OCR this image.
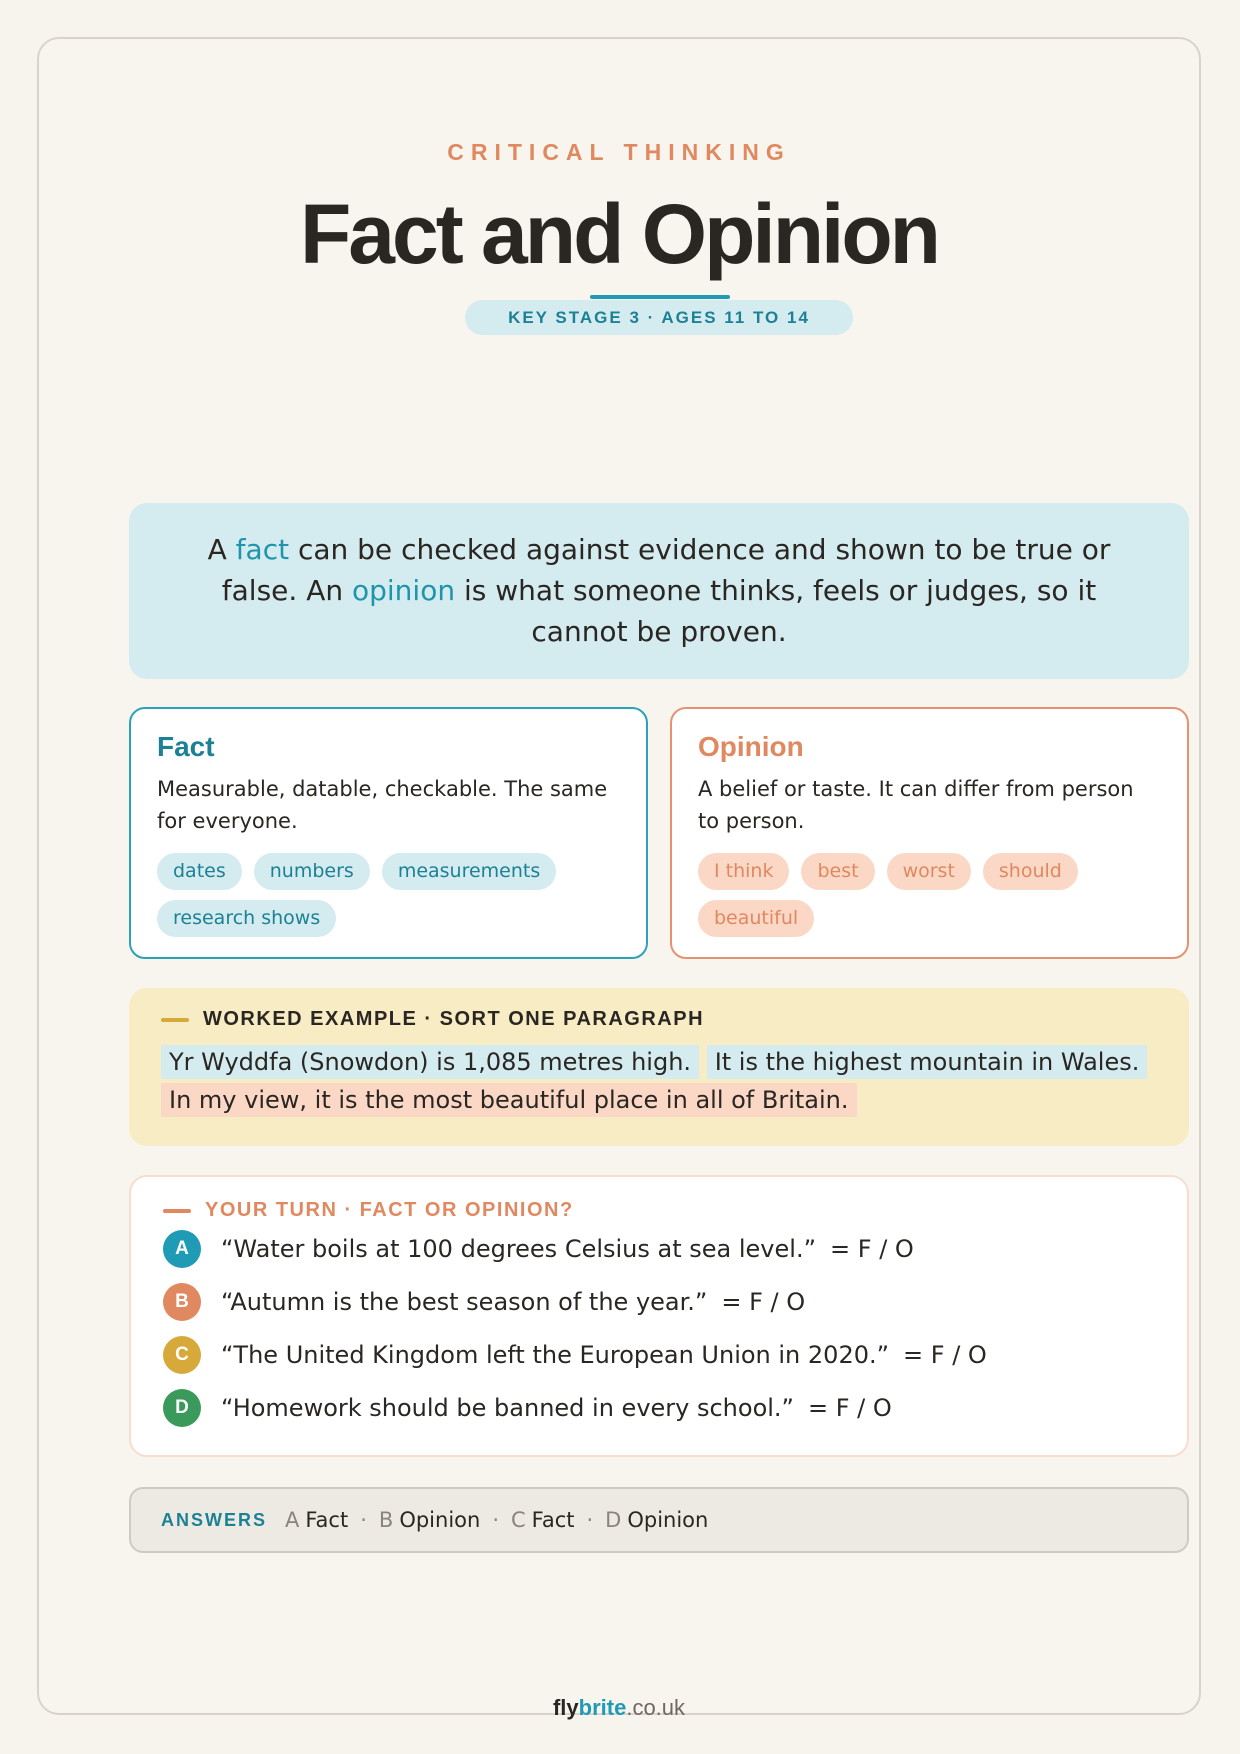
CRITICAL THINKING
Fact and Opinion
KEY STAGE 3 · AGES 11 TO 14
A fact can be checked against evidence and shown to be true or false. An opinion is what someone thinks, feels or judges, so it cannot be proven.
Fact

Measurable, datable, checkable. The same for everyone.

dates	numbers	measurements
research shows
Opinion

A belief or taste. It can differ from person to person.

I think	best	worst	should
beautiful
WORKED EXAMPLE · SORT ONE PARAGRAPH
Yr Wyddfa (Snowdon) is 1,085 metres high. It is the highest mountain in Wales. In my view, it is the most beautiful place in all of Britain.
YOUR TURN · FACT OR OPINION?
A	“Water boils at 100 degrees Celsius at sea level.” = F / O
B	“Autumn is the best season of the year.” = F / O
C	“The United Kingdom left the European Union in 2020.” = F / O
D	“Homework should be banned in every school.” = F / O
ANSWERS A Fact · B Opinion · C Fact · D Opinion
flybrite.co.uk
